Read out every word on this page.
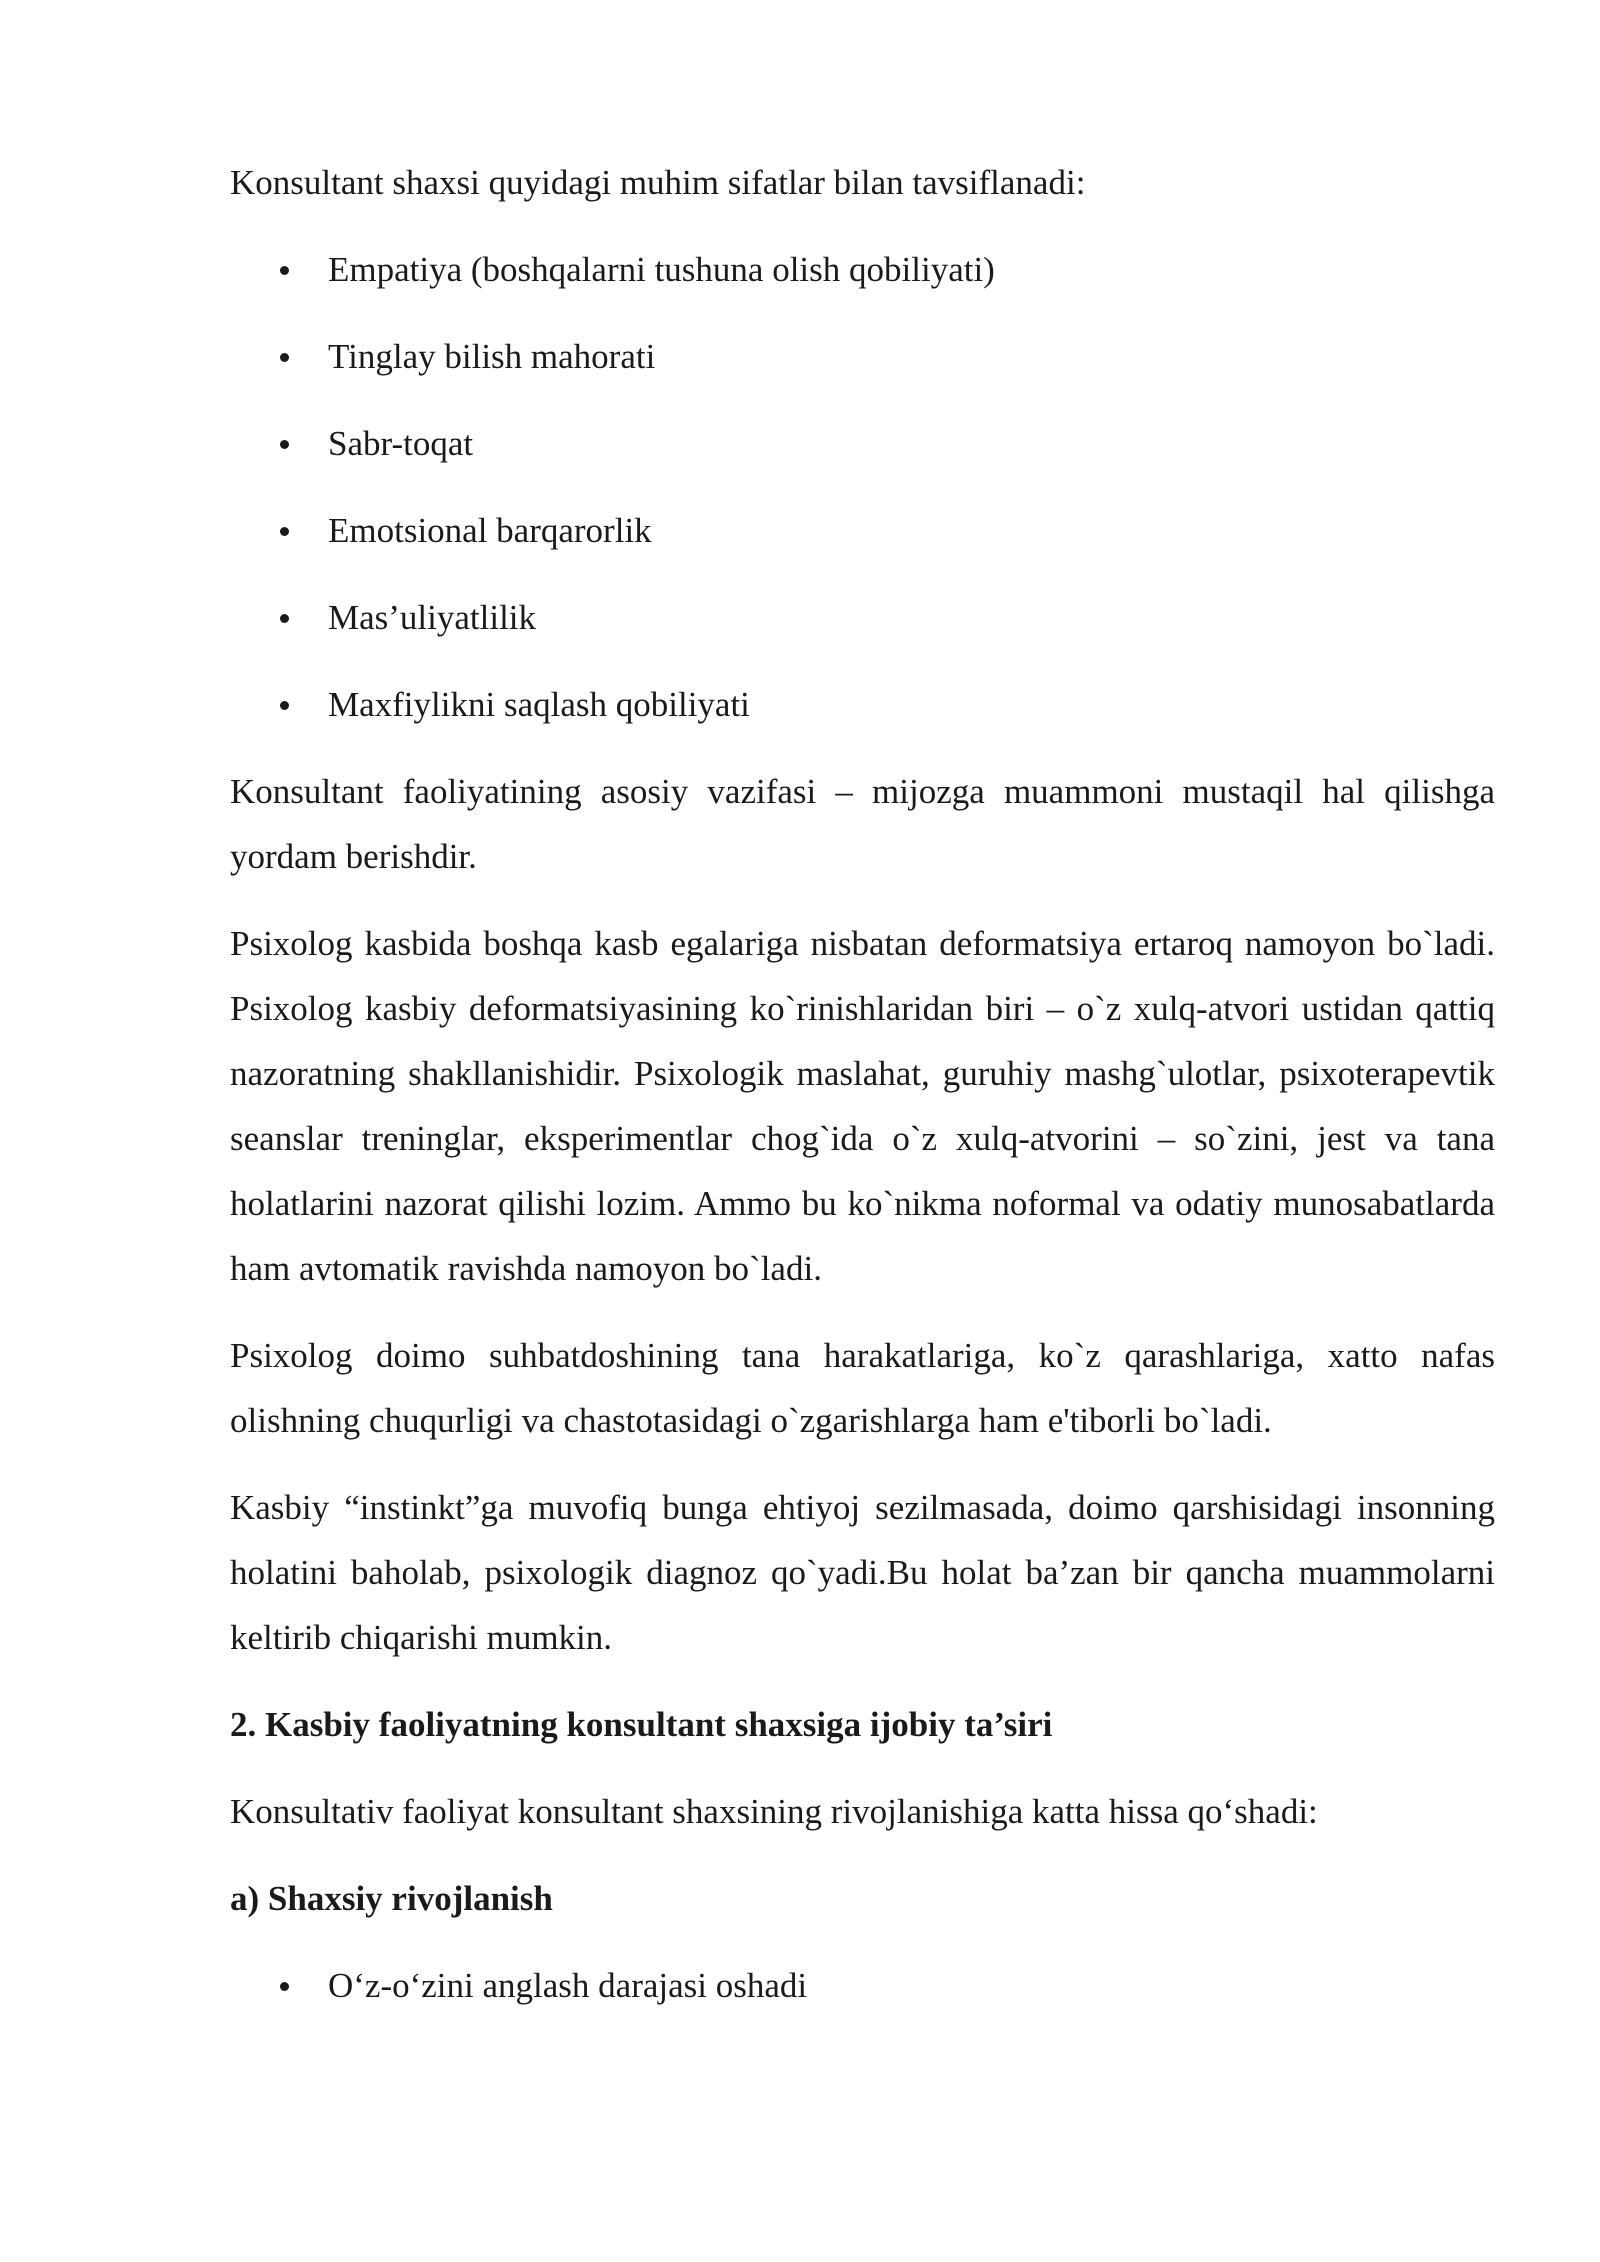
Konsultant shaxsi quyidagi muhim sifatlar bilan tavsiflanadi:

Empatiya (boshqalarni tushuna olish qobiliyati)
Tinglay bilish mahorati
Sabr-toqat
Emotsional barqarorlik
Mas’uliyatlilik
Maxfiylikni saqlash qobiliyati

Konsultant faoliyatining asosiy vazifasi – mijozga muammoni mustaqil hal qilishga yordam berishdir.

Psixolog kasbida boshqa kasb egalariga nisbatan deformatsiya ertaroq namoyon bo`ladi. Psixolog kasbiy deformatsiyasining ko`rinishlaridan biri – o`z xulq-atvori ustidan qattiq nazoratning shakllanishidir. Psixologik maslahat, guruhiy mashg`ulotlar, psixoterapevtik seanslar treninglar, eksperimentlar chog`ida o`z xulq-atvorini – so`zini, jest va tana holatlarini nazorat qilishi lozim. Ammo bu ko`nikma noformal va odatiy munosabatlarda ham avtomatik ravishda namoyon bo`ladi.

Psixolog doimo suhbatdoshining tana harakatlariga, ko`z qarashlariga, xatto nafas olishning chuqurligi va chastotasidagi o`zgarishlarga ham e'tiborli bo`ladi.

Kasbiy “instinkt”ga muvofiq bunga ehtiyoj sezilmasada, doimo qarshisidagi insonning holatini baholab, psixologik diagnoz qo`yadi.Bu holat ba’zan bir qancha muammolarni keltirib chiqarishi mumkin.

2. Kasbiy faoliyatning konsultant shaxsiga ijobiy ta’siri

Konsultativ faoliyat konsultant shaxsining rivojlanishiga katta hissa qo‘shadi:

a) Shaxsiy rivojlanish
O‘z-o‘zini anglash darajasi oshadi
